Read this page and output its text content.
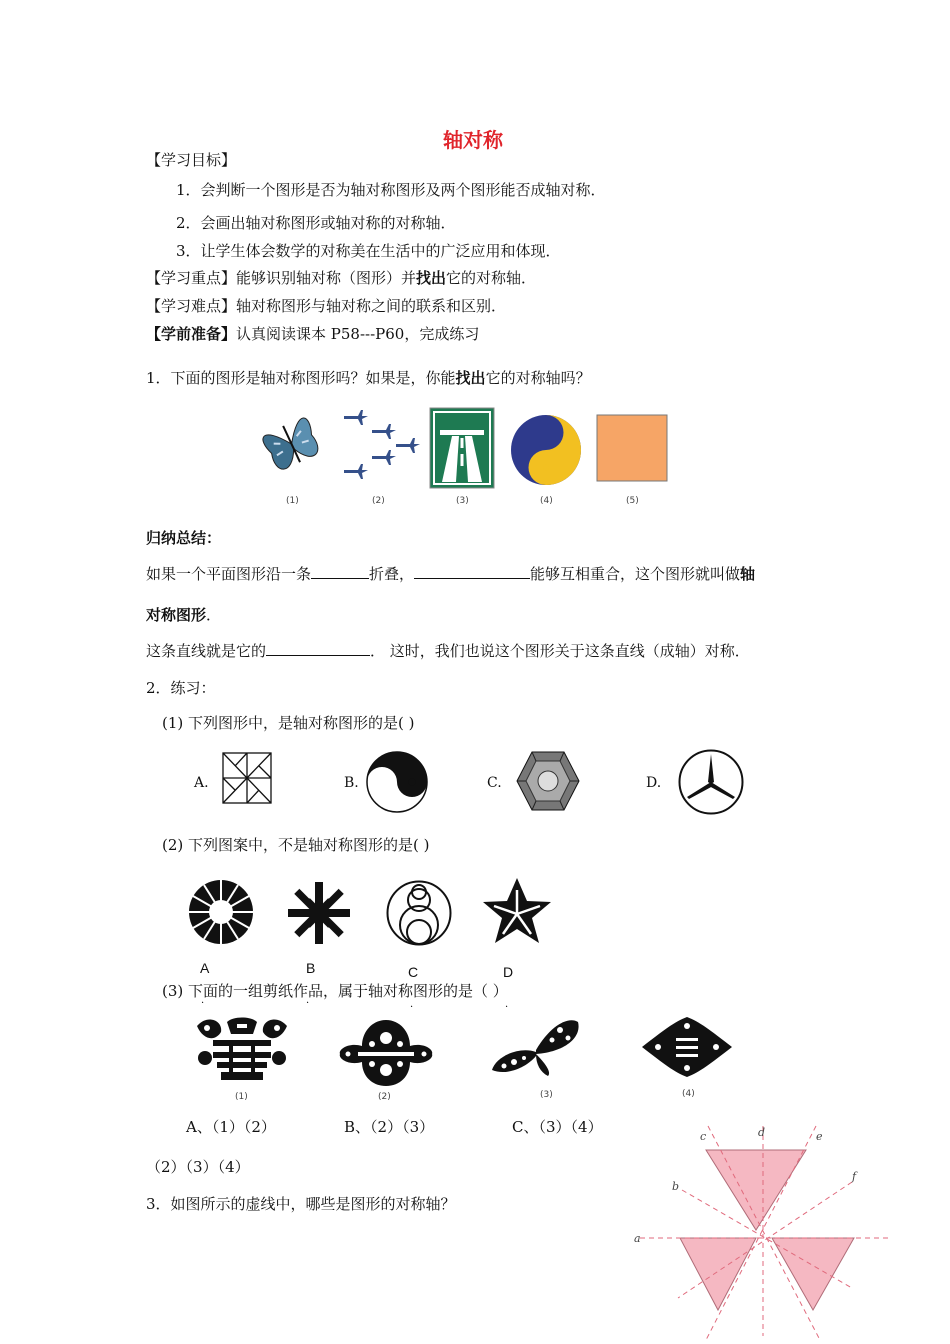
轴对称
【学习目标】
1．会判断一个图形是否为轴对称图形及两个图形能否成轴对称．
2．会画出轴对称图形或轴对称的对称轴．
3．让学生体会数学的对称美在生活中的广泛应用和体现．
【学习重点】能够识别轴对称（图形）并找出它的对称轴．
【学习难点】轴对称图形与轴对称之间的联系和区别．
【学前准备】认真阅读课本 P58---P60，完成练习
1．下面的图形是轴对称图形吗？如果是，你能找出它的对称轴吗？
(1)	(2)	(3)	(4)	(5)
归纳总结：
如果一个平面图形沿一条	折叠，	能够互相重合，这个图形就叫做轴
对称图形．
这条直线就是它的	． 这时，我们也说这个图形关于这条直线（成轴）对称．
2．练习：
(1) 下列图形中，是轴对称图形的是( )
A.	B.	C.	D.
(2) 下列图案中，不是轴对称图形的是( )
A	B	C	D
(3) 下面的一组剪纸作品，属于轴对称图形的是（ ）
·	·	·	·
(1)	(2)	(3)	(4)
A、（1）（2）	B、（2）（3）	C、（3）（4）
（2）（3）（4）
3．如图所示的虚线中，哪些是图形的对称轴？
a
b
c	d	e
f
